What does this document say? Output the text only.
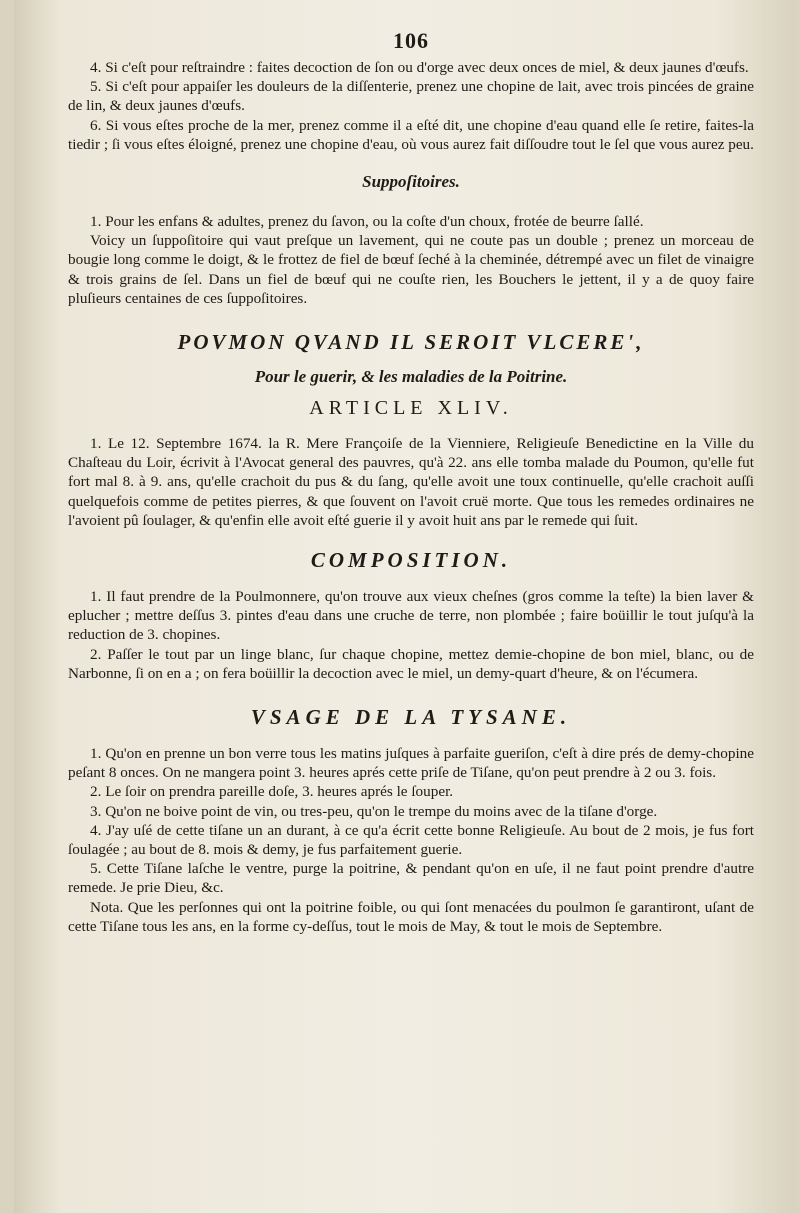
106

4. Si c'eſt pour reſtraindre : faites decoction de ſon ou d'orge avec deux onces de miel, & deux jaunes d'œufs.

5. Si c'eſt pour appaiſer les douleurs de la diſſenterie, prenez une chopine de lait, avec trois pincées de graine de lin, & deux jaunes d'œufs.

6. Si vous eſtes proche de la mer, prenez comme il a eſté dit, une chopine d'eau quand elle ſe retire, faites-la tiedir ; ſi vous eſtes éloigné, prenez une chopine d'eau, où vous aurez fait diſſoudre tout le ſel que vous aurez peu.

Suppoſitoires.

1. Pour les enfans & adultes, prenez du ſavon, ou la coſte d'un choux, frotée de beurre ſallé.

Voicy un ſuppoſitoire qui vaut preſque un lavement, qui ne coute pas un double ; prenez un morceau de bougie long comme le doigt, & le frottez de fiel de bœuf ſeché à la cheminée, détrempé avec un filet de vinaigre & trois grains de ſel. Dans un fiel de bœuf qui ne couſte rien, les Bouchers le jettent, il y a de quoy faire pluſieurs centaines de ces ſuppoſitoires.

POVMON QVAND IL SEROIT VLCERE',
Pour le guerir, & les maladies de la Poitrine.
ARTICLE XLIV.

1. Le 12. Septembre 1674. la R. Mere Françoiſe de la Vienniere, Religieuſe Benedictine en la Ville du Chaſteau du Loir, écrivit à l'Avocat general des pauvres, qu'à 22. ans elle tomba malade du Poumon, qu'elle fut fort mal 8. à 9. ans, qu'elle crachoit du pus & du ſang, qu'elle avoit une toux continuelle, qu'elle crachoit auſſi quelquefois comme de petites pierres, & que ſouvent on l'avoit cruë morte. Que tous les remedes ordinaires ne l'avoient pû ſoulager, & qu'enfin elle avoit eſté guerie il y avoit huit ans par le remede qui ſuit.

COMPOSITION.

1. Il faut prendre de la Poulmonnere, qu'on trouve aux vieux cheſnes (gros comme la teſte) la bien laver & eplucher ; mettre deſſus 3. pintes d'eau dans une cruche de terre, non plombée ; faire boüillir le tout juſqu'à la reduction de 3. chopines.

2. Paſſer le tout par un linge blanc, ſur chaque chopine, mettez demie-chopine de bon miel, blanc, ou de Narbonne, ſi on en a ; on fera boüillir la decoction avec le miel, un demy-quart d'heure, & on l'écumera.

VSAGE DE LA TYSANE.

1. Qu'on en prenne un bon verre tous les matins juſques à parfaite gueriſon, c'eſt à dire prés de demy-chopine peſant 8 onces. On ne mangera point 3. heures aprés cette priſe de Tiſane, qu'on peut prendre à 2 ou 3. fois.

2. Le ſoir on prendra pareille doſe, 3. heures aprés le ſouper.

3. Qu'on ne boive point de vin, ou tres-peu, qu'on le trempe du moins avec de la tiſane d'orge.

4. J'ay uſé de cette tiſane un an durant, à ce qu'a écrit cette bonne Religieuſe. Au bout de 2 mois, je fus fort ſoulagée ; au bout de 8. mois & demy, je fus parfaitement guerie.

5. Cette Tiſane laſche le ventre, purge la poitrine, & pendant qu'on en uſe, il ne faut point prendre d'autre remede. Je prie Dieu, &c.

Nota. Que les perſonnes qui ont la poitrine foible, ou qui ſont menacées du poulmon ſe garantiront, uſant de cette Tiſane tous les ans, en la forme cy-deſſus, tout le mois de May, & tout le mois de Septembre.
